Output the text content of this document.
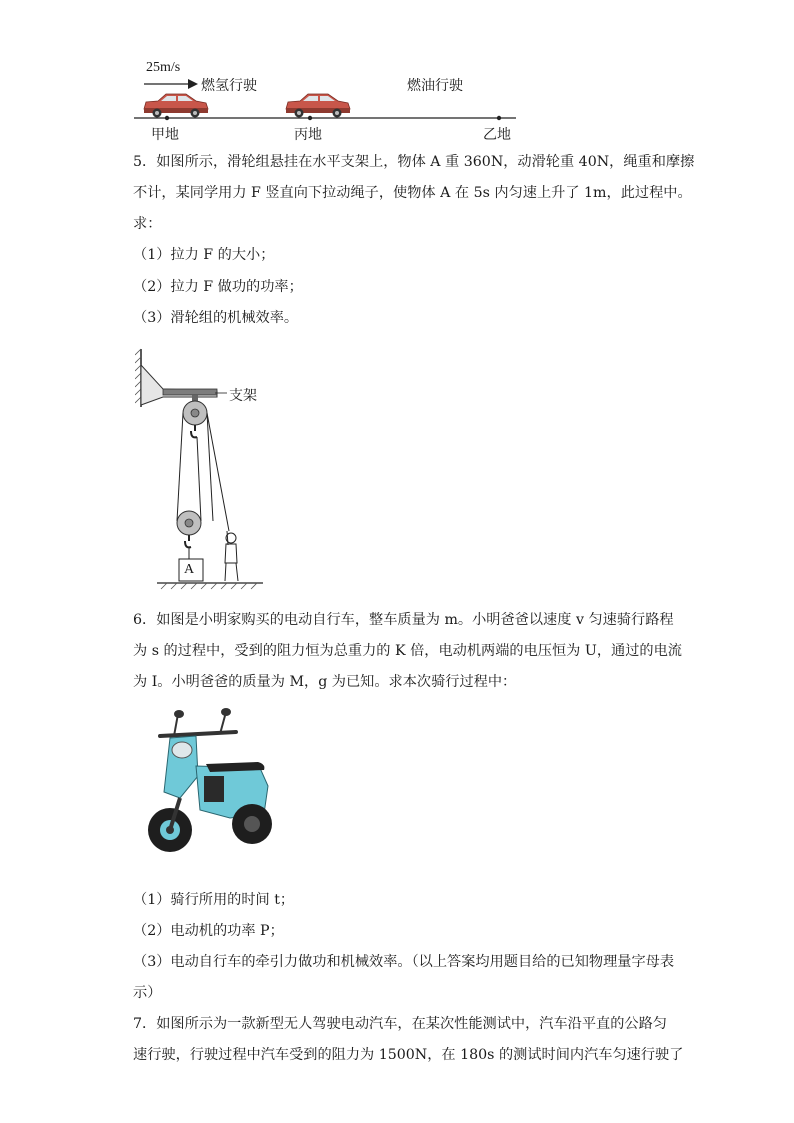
25m/s
燃氢行驶	燃油行驶
甲地	丙地	乙地
5．如图所示，滑轮组悬挂在水平支架上，物体 A 重 360N，动滑轮重 40N，绳重和摩擦
不计，某同学用力 F 竖直向下拉动绳子，使物体 A 在 5s 内匀速上升了 1m，此过程中。
求：
（1）拉力 F 的大小；
（2）拉力 F 做功的功率；
（3）滑轮组的机械效率。
支架
A
6．如图是小明家购买的电动自行车，整车质量为 m。小明爸爸以速度 v 匀速骑行路程
为 s 的过程中，受到的阻力恒为总重力的 K 倍，电动机两端的电压恒为 U，通过的电流
为 I。小明爸爸的质量为 M，g 为已知。求本次骑行过程中：
（1）骑行所用的时间 t；
（2）电动机的功率 P；
（3）电动自行车的牵引力做功和机械效率。（以上答案均用题目给的已知物理量字母表
示）
7．如图所示为一款新型无人驾驶电动汽车，在某次性能测试中，汽车沿平直的公路匀
速行驶，行驶过程中汽车受到的阻力为 1500N，在 180s 的测试时间内汽车匀速行驶了
